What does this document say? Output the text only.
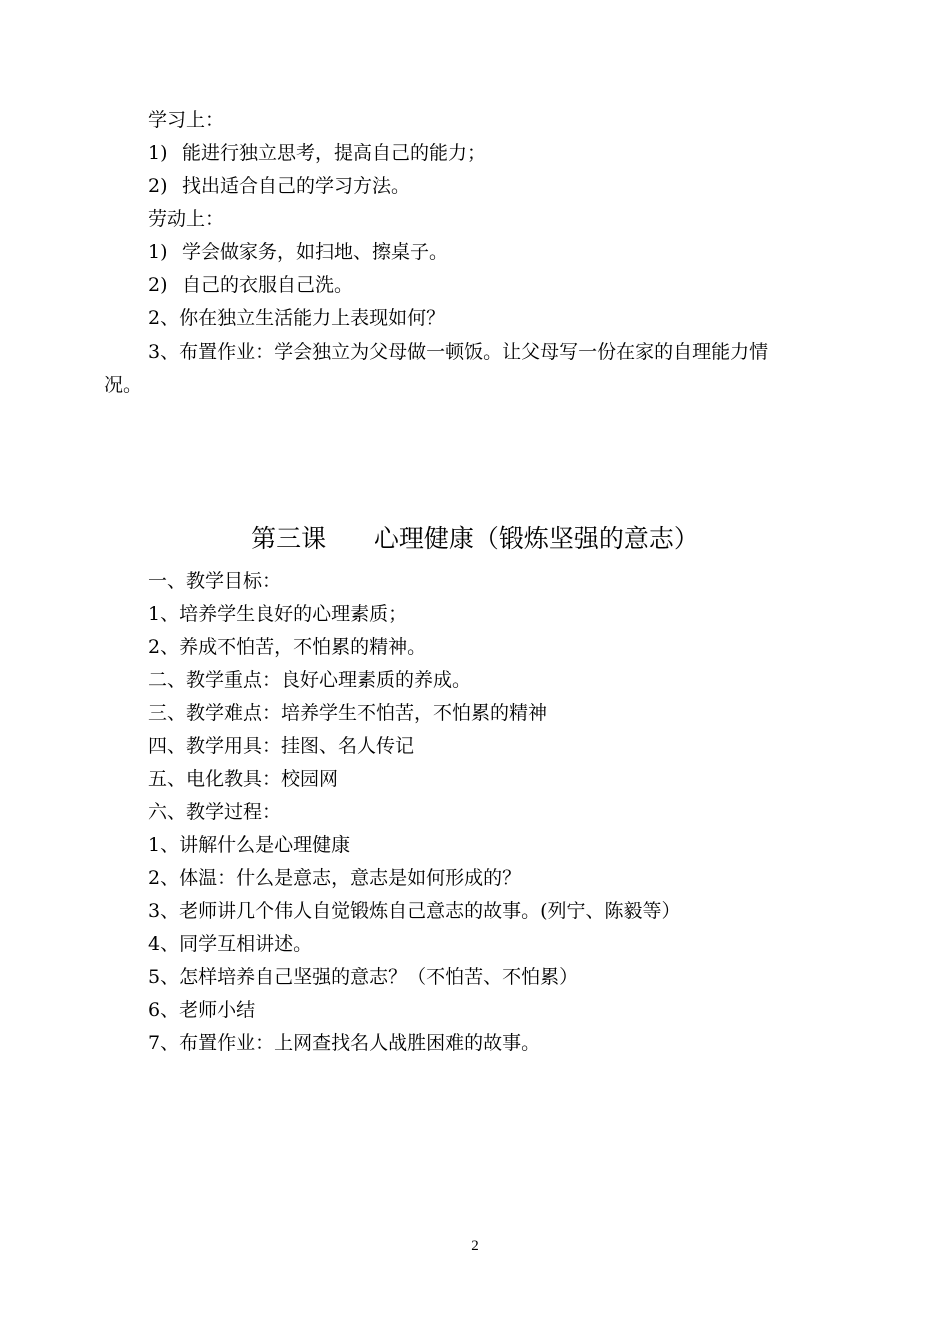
学习上：
1) 能进行独立思考，提高自己的能力；
2) 找出适合自己的学习方法。
劳动上：
1) 学会做家务，如扫地、擦桌子。
2) 自己的衣服自己洗。
2、你在独立生活能力上表现如何？
3、布置作业：学会独立为父母做一顿饭。让父母写一份在家的自理能力情
况。
第三课      心理健康（锻炼坚强的意志）
一、教学目标：
1、培养学生良好的心理素质；
2、养成不怕苦，不怕累的精神。
二、教学重点：良好心理素质的养成。
三、教学难点：培养学生不怕苦，不怕累的精神
四、教学用具：挂图、名人传记
五、电化教具：校园网
六、教学过程：
1、讲解什么是心理健康
2、体温：什么是意志，意志是如何形成的？
3、老师讲几个伟人自觉锻炼自己意志的故事。(列宁、陈毅等）
4、同学互相讲述。
5、怎样培养自己坚强的意志？（不怕苦、不怕累）
6、老师小结
7、布置作业：上网查找名人战胜困难的故事。
2
